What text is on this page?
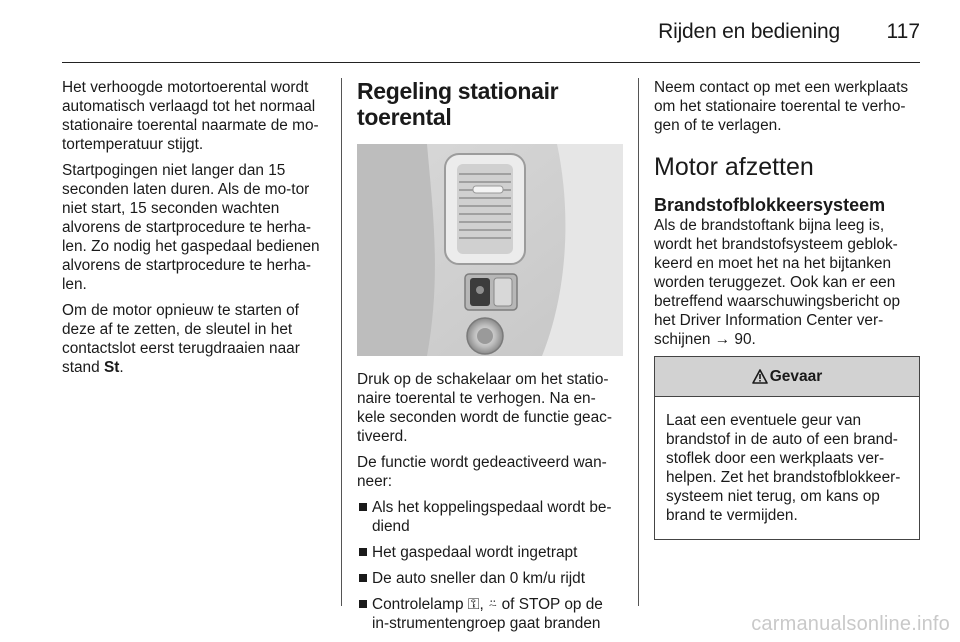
Rijden en bediening 117

Het verhoogde motortoerental wordt automatisch verlaagd tot het normaal stationaire toerental naarmate de mo-tortemperatuur stijgt.

Startpogingen niet langer dan 15 seconden laten duren. Als de mo-tor niet start, 15 seconden wachten alvorens de startprocedure te herha-len. Zo nodig het gaspedaal bedienen alvorens de startprocedure te herha-len.

Om de motor opnieuw te starten of deze af te zetten, de sleutel in het contactslot eerst terugdraaien naar stand St.

Regeling stationair toerental

Druk op de schakelaar om het statio-naire toerental te verhogen. Na en-kele seconden wordt de functie geac-tiveerd.

De functie wordt gedeactiveerd wan-neer:

Als het koppelingspedaal wordt be-diend
Het gaspedaal wordt ingetrapt
De auto sneller dan 0 km/u rijdt
Controlelamp ⚿, ⍨ of STOP op de in-strumentengroep gaat branden

Neem contact op met een werkplaats om het stationaire toerental te verho-gen of te verlagen.

Motor afzetten
Brandstofblokkeersysteem

Als de brandstoftank bijna leeg is, wordt het brandstofsysteem geblok-keerd en moet het na het bijtanken worden teruggezet. Ook kan er een betreffend waarschuwingsbericht op het Driver Information Center ver-schijnen → 90.

Gevaar
Laat een eventuele geur van brandstof in de auto of een brand-stoflek door een werkplaats ver-helpen. Zet het brandstofblokkeer-systeem niet terug, om kans op brand te vermijden.
carmanualsonline.info
